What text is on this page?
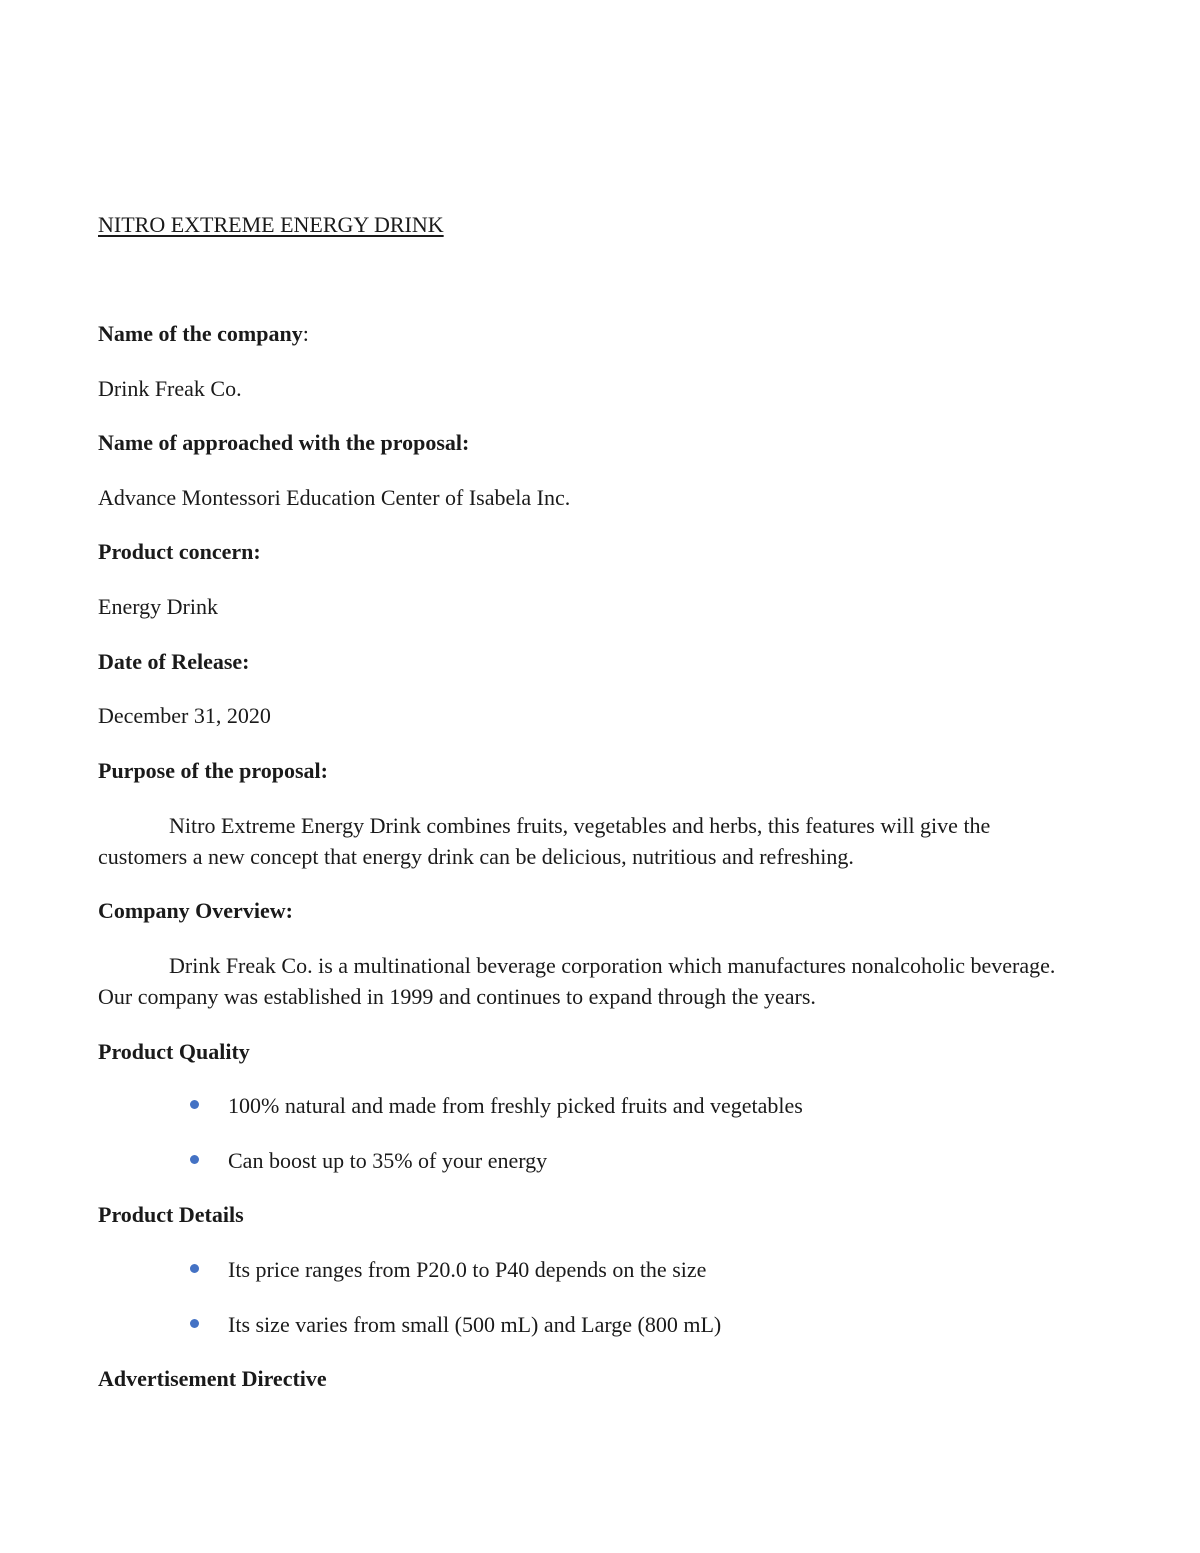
NITRO EXTREME ENERGY DRINK
Name of the company:
Drink Freak Co.
Name of approached with the proposal:
Advance Montessori Education Center of Isabela Inc.
Product concern:
Energy Drink
Date of Release:
December 31, 2020
Purpose of the proposal:
Nitro Extreme Energy Drink combines fruits, vegetables and herbs, this features will give the customers a new concept that energy drink can be delicious, nutritious and refreshing.
Company Overview:
Drink Freak Co. is a multinational beverage corporation which manufactures nonalcoholic beverage. Our company was established in 1999 and continues to expand through the years.
Product Quality
100% natural and made from freshly picked fruits and vegetables
Can boost up to 35% of your energy
Product Details
Its price ranges from P20.0 to P40 depends on the size
Its size varies from small (500 mL) and Large (800 mL)
Advertisement Directive
